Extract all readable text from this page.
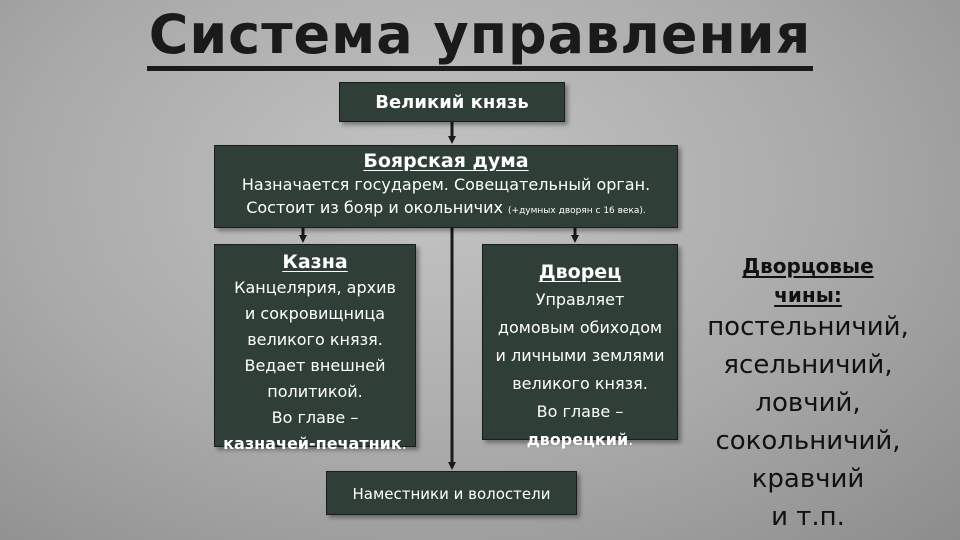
Система управления
Великий князь
Боярская дума
Назначается государем. Совещательный орган.
Состоит из бояр и окольничих (+думных дворян с 16 века).
Казна
Канцелярия, архив
и сокровищница
великого князя.
Ведает внешней
политикой.
Во главе –
казначей-печатник.
Дворец
Управляет
домовым обиходом
и личными землями
великого князя.
Во главе –
дворецкий.
Наместники и волостели
Дворцовые
чины:
постельничий,
ясельничий,
ловчий,
сокольничий,
кравчий
и т.п.
